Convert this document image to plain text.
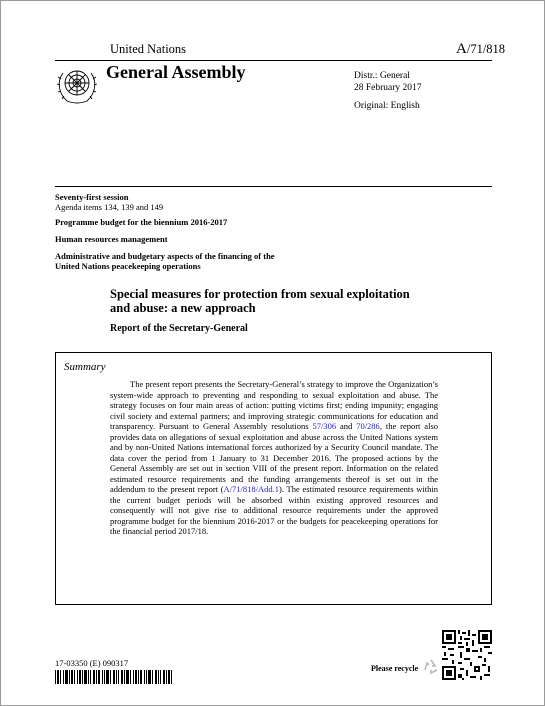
United Nations	A/71/818
General Assembly	Distr.: General
28 February 2017
Original: English
Seventy-first session
Agenda items 134, 139 and 149
Programme budget for the biennium 2016-2017
Human resources management
Administrative and budgetary aspects of the financing of the United Nations peacekeeping operations
Special measures for protection from sexual exploitation and abuse: a new approach
Report of the Secretary-General
Summary

The present report presents the Secretary-General’s strategy to improve the Organization’s system-wide approach to preventing and responding to sexual exploitation and abuse. The strategy focuses on four main areas of action: putting victims first; ending impunity; engaging civil society and external partners; and improving strategic communications for education and transparency. Pursuant to General Assembly resolutions 57/306 and 70/286, the report also provides data on allegations of sexual exploitation and abuse across the United Nations system and by non-United Nations international forces authorized by a Security Council mandate. The data cover the period from 1 January to 31 December 2016. The proposed actions by the General Assembly are set out in section VIII of the present report. Information on the related estimated resource requirements and the funding arrangements thereof is set out in the addendum to the present report (A/71/818/Add.1). The estimated resource requirements within the current budget periods will be absorbed within existing approved resources and consequently will not give rise to additional resource requirements under the approved programme budget for the biennium 2016-2017 or the budgets for peacekeeping operations for the financial period 2017/18.

17-03350 (E) 090317
Please recycle
